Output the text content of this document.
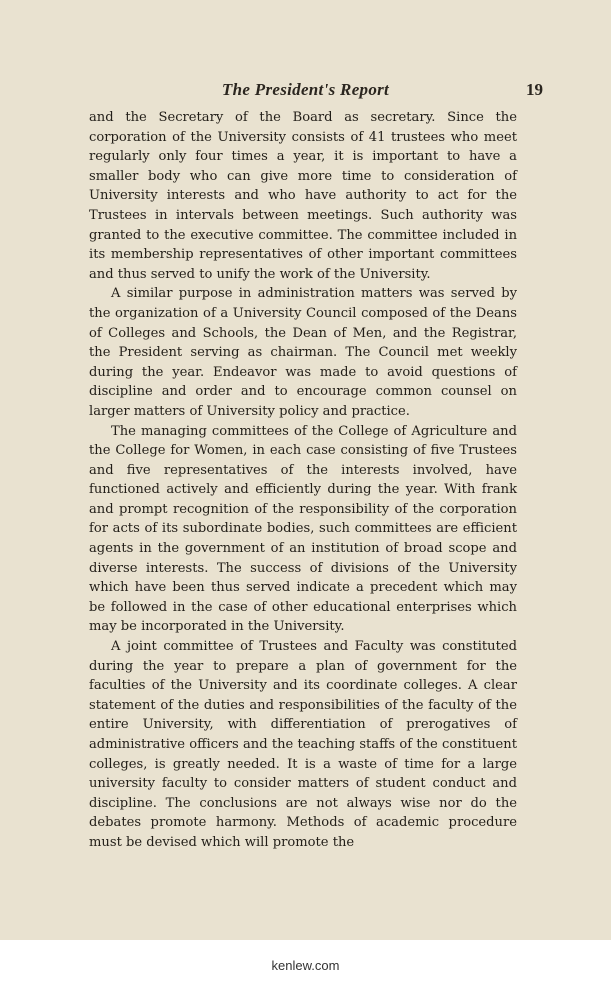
The President's Report	19

and the Secretary of the Board as secretary. Since the corporation of the University consists of 41 trustees who meet regularly only four times a year, it is important to have a smaller body who can give more time to consideration of University interests and who have authority to act for the Trustees in intervals between meetings. Such authority was granted to the executive committee. The committee included in its membership representatives of other important committees and thus served to unify the work of the University.

A similar purpose in administration matters was served by the organization of a University Council composed of the Deans of Colleges and Schools, the Dean of Men, and the Registrar, the President serving as chairman. The Council met weekly during the year. Endeavor was made to avoid questions of discipline and order and to encourage common counsel on larger matters of University policy and practice.

The managing committees of the College of Agriculture and the College for Women, in each case consisting of five Trustees and five representatives of the interests involved, have functioned actively and efficiently during the year. With frank and prompt recognition of the responsibility of the corporation for acts of its subordinate bodies, such committees are efficient agents in the government of an institution of broad scope and diverse interests. The success of divisions of the University which have been thus served indicate a precedent which may be followed in the case of other educational enterprises which may be incorporated in the University.

A joint committee of Trustees and Faculty was constituted during the year to prepare a plan of government for the faculties of the University and its coordinate colleges. A clear statement of the duties and responsibilities of the faculty of the entire University, with differentiation of prerogatives of administrative officers and the teaching staffs of the constituent colleges, is greatly needed. It is a waste of time for a large university faculty to consider matters of student conduct and discipline. The conclusions are not always wise nor do the debates promote harmony. Methods of academic procedure must be devised which will promote the

kenlew.com
